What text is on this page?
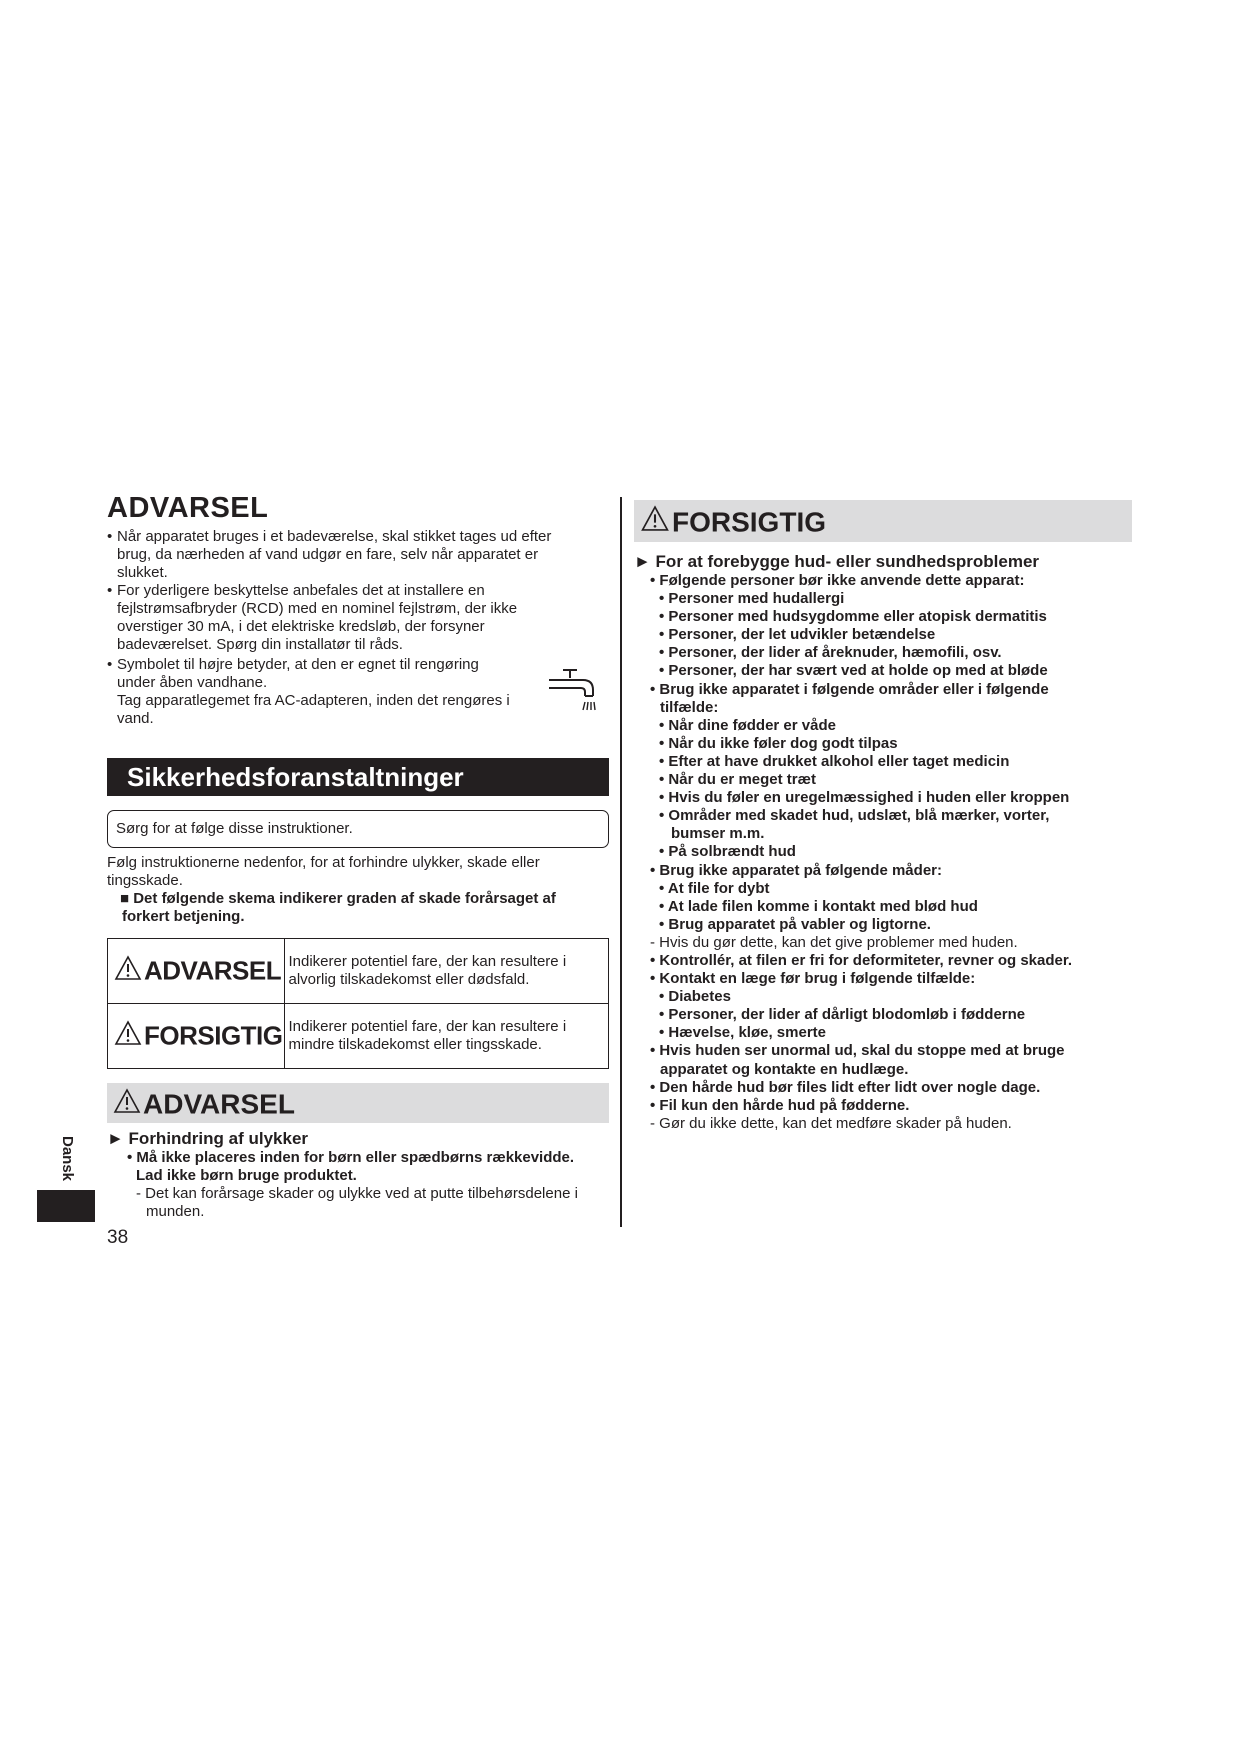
ADVARSEL
• Når apparatet bruges i et badeværelse, skal stikket tages ud efter
brug, da nærheden af vand udgør en fare, selv når apparatet er
slukket.
• For yderligere beskyttelse anbefales det at installere en
fejlstrømsafbryder (RCD) med en nominel fejlstrøm, der ikke
overstiger 30 mA, i det elektriske kredsløb, der forsyner
badeværelset. Spørg din installatør til råds.
• Symbolet til højre betyder, at den er egnet til rengøring
under åben vandhane.
Tag apparatlegemet fra AC-adapteren, inden det rengøres i
vand.
Sikkerhedsforanstaltninger
Sørg for at følge disse instruktioner.
Følg instruktionerne nedenfor, for at forhindre ulykker, skade eller
tingsskade.
■ Det følgende skema indikerer graden af skade forårsaget af
forkert betjening.
ADVARSEL	Indikerer potentiel fare, der kan resultere i
alvorlig tilskadekomst eller dødsfald.

FORSIGTIG	Indikerer potentiel fare, der kan resultere i
mindre tilskadekomst eller tingsskade.
ADVARSEL
► Forhindring af ulykker
• Må ikke placeres inden for børn eller spædbørns rækkevidde.
Lad ikke børn bruge produktet.
- Det kan forårsage skader og ulykke ved at putte tilbehørsdelene i
munden.
FORSIGTIG
► For at forebygge hud- eller sundhedsproblemer
• Følgende personer bør ikke anvende dette apparat:
• Personer med hudallergi
• Personer med hudsygdomme eller atopisk dermatitis
• Personer, der let udvikler betændelse
• Personer, der lider af åreknuder, hæmofili, osv.
• Personer, der har svært ved at holde op med at bløde
• Brug ikke apparatet i følgende områder eller i følgende
tilfælde:
• Når dine fødder er våde
• Når du ikke føler dog godt tilpas
• Efter at have drukket alkohol eller taget medicin
• Når du er meget træt
• Hvis du føler en uregelmæssighed i huden eller kroppen
• Områder med skadet hud, udslæt, blå mærker, vorter,
bumser m.m.
• På solbrændt hud
• Brug ikke apparatet på følgende måder:
• At file for dybt
• At lade filen komme i kontakt med blød hud
• Brug apparatet på vabler og ligtorne.
- Hvis du gør dette, kan det give problemer med huden.
• Kontrollér, at filen er fri for deformiteter, revner og skader.
• Kontakt en læge før brug i følgende tilfælde:
• Diabetes
• Personer, der lider af dårligt blodomløb i fødderne
• Hævelse, kløe, smerte
• Hvis huden ser unormal ud, skal du stoppe med at bruge
apparatet og kontakte en hudlæge.
• Den hårde hud bør files lidt efter lidt over nogle dage.
• Fil kun den hårde hud på fødderne.
- Gør du ikke dette, kan det medføre skader på huden.
Dansk
38
